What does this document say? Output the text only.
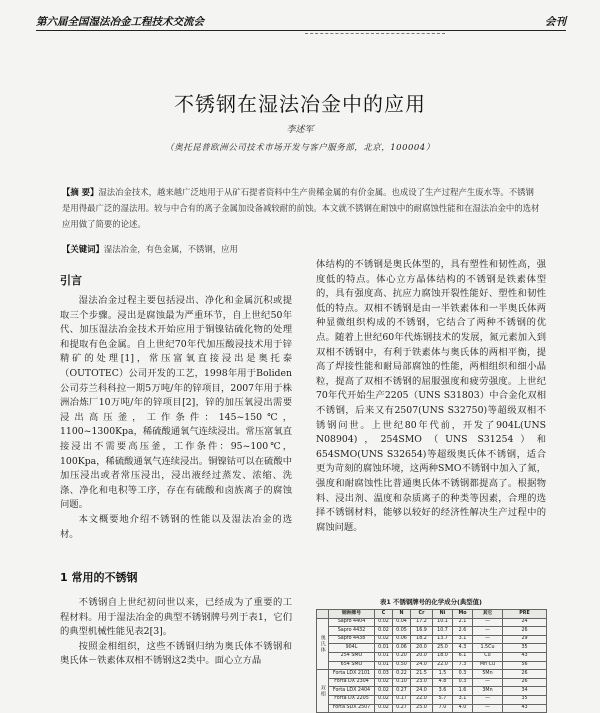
第六届全国湿法冶金工程技术交流会	会刊
不锈钢在湿法冶金中的应用
李述军
（奥托昆普欧洲公司技术市场开发与客户服务部，北京，100004）
【摘 要】湿法冶金技术，越来越广泛地用于从矿石提者资料中生产贵稀金属的有价金属。也成设了生产过程产生废水等。不锈钢是用得最广泛的湿法用。较与中合有的离子金属加设备减较耐的前蚀。本文就不锈钢在耐蚀中的耐腐蚀性能和在湿法冶金中的选材应用做了简要的论述。
【关键词】湿法冶金，有色金属，不锈钢，应用
引言

湿法冶金过程主要包括浸出、净化和金属沉积或提取三个步骤。浸出是腐蚀最为严重环节，自上世纪50年代、加压湿法冶金技术开始应用于铜镍钴硫化物的处理和提取有色金属。自上世纪70年代加压酸浸技术用于锌精矿的处理[1]，常压富氧直接浸出是奥托泰（OUTOTEC）公司开发的工艺，1998年用于Boliden公司芬兰科科拉一期5万吨/年的锌项目，2007年用于株洲冶炼厂10万吨/年的锌项目[2]，锌的加压氧浸出需要浸出高压釜，工作条件：145~150℃，1100~1300Kpa，稀硫酸通氧气连续浸出。常压富氧直接浸出不需要高压釜，工作条件：95~100℃，100Kpa，稀硫酸通氧气连续浸出。铜镍钴可以在硫酸中加压浸出或者常压浸出，浸出液经过蒸发、浓缩、洗涤、净化和电积等工序，存在有硫酸和卤族离子的腐蚀问题。

本文概要地介绍不锈钢的性能以及湿法冶金的选材。

1 常用的不锈钢

不锈钢自上世纪初问世以来，已经成为了重要的工程材料。用于湿法冶金的典型不锈钢牌号列于表1，它们的典型机械性能见表2[3]。

按照金相组织，这些不锈钢归纳为奥氏体不锈钢和奥氏体－铁素体双相不锈钢这2类中。面心立方晶

体结构的不锈钢是奥氏体型的，具有塑性和韧性高，强度低的特点。体心立方晶体结构的不锈钢是铁素体型的，具有强度高、抗应力腐蚀开裂性能好、塑性和韧性低的特点。双相不锈钢是由一半铁素体和一半奥氏体两种显微组织构成的不锈钢，它结合了两种不锈钢的优点。随着上世纪60年代炼钢技术的发展，氮元素加入到双相不锈钢中，有利于铁素体与奥氏体的两相平衡，提高了焊接性能和耐局部腐蚀的性能，两相组织和细小晶粒，提高了双相不锈钢的屈服强度和疲劳强度。上世纪70年代开始生产2205（UNS S31803）中合金化双相不锈钢，后来又有2507(UNS S32750)等超级双相不锈钢问世。上世纪80年代前，开发了904L(UNS N08904)，254SMO（UNS S31254）和654SMO(UNS S32654)等超级奥氏体不锈钢，适合更为苛刻的腐蚀环境，这两种SMO不锈钢中加入了氮，强度和耐腐蚀性比普通奥氏体不锈钢都提高了。根据物料、浸出剂、温度和杂质离子的种类等因素，合理的选择不锈钢材料，能够以较好的经济性解决生产过程中的腐蚀问题。

表1 不锈钢牌号的化学成分(典型值)
	钢种牌号	C	N	Cr	Ni	Mo	其它	PRE
奥氏体	Sapro 4404	0.02	0.04	17.2	10.1	2.1	—	24
	Sapro 4432	0.02	0.05	16.9	10.7	2.6	—	26
	Sapro 4438	0.02	0.06	18.2	13.7	3.1	—	29
	904L	0.01	0.06	20.0	25.0	4.3	1.5Cu	35
	254 SMO	0.01	0.20	20.0	18.0	6.1	Cu	43
	654 SMO	0.01	0.50	24.0	22.0	7.3	Mn Cu	56
双相	Forta LDX 2101	0.03	0.22	21.5	1.5	0.3	5Mn	26
	Forta DX 2304	0.02	0.10	23.0	4.8	0.3	—	26
	Forta LDX 2404	0.02	0.27	24.0	3.6	1.6	3Mn	34
	Forta DX 2205	0.02	0.17	22.0	5.7	3.1	—	35
	Forta SDX 2507	0.02	0.27	25.0	7.0	4.0	—	43
